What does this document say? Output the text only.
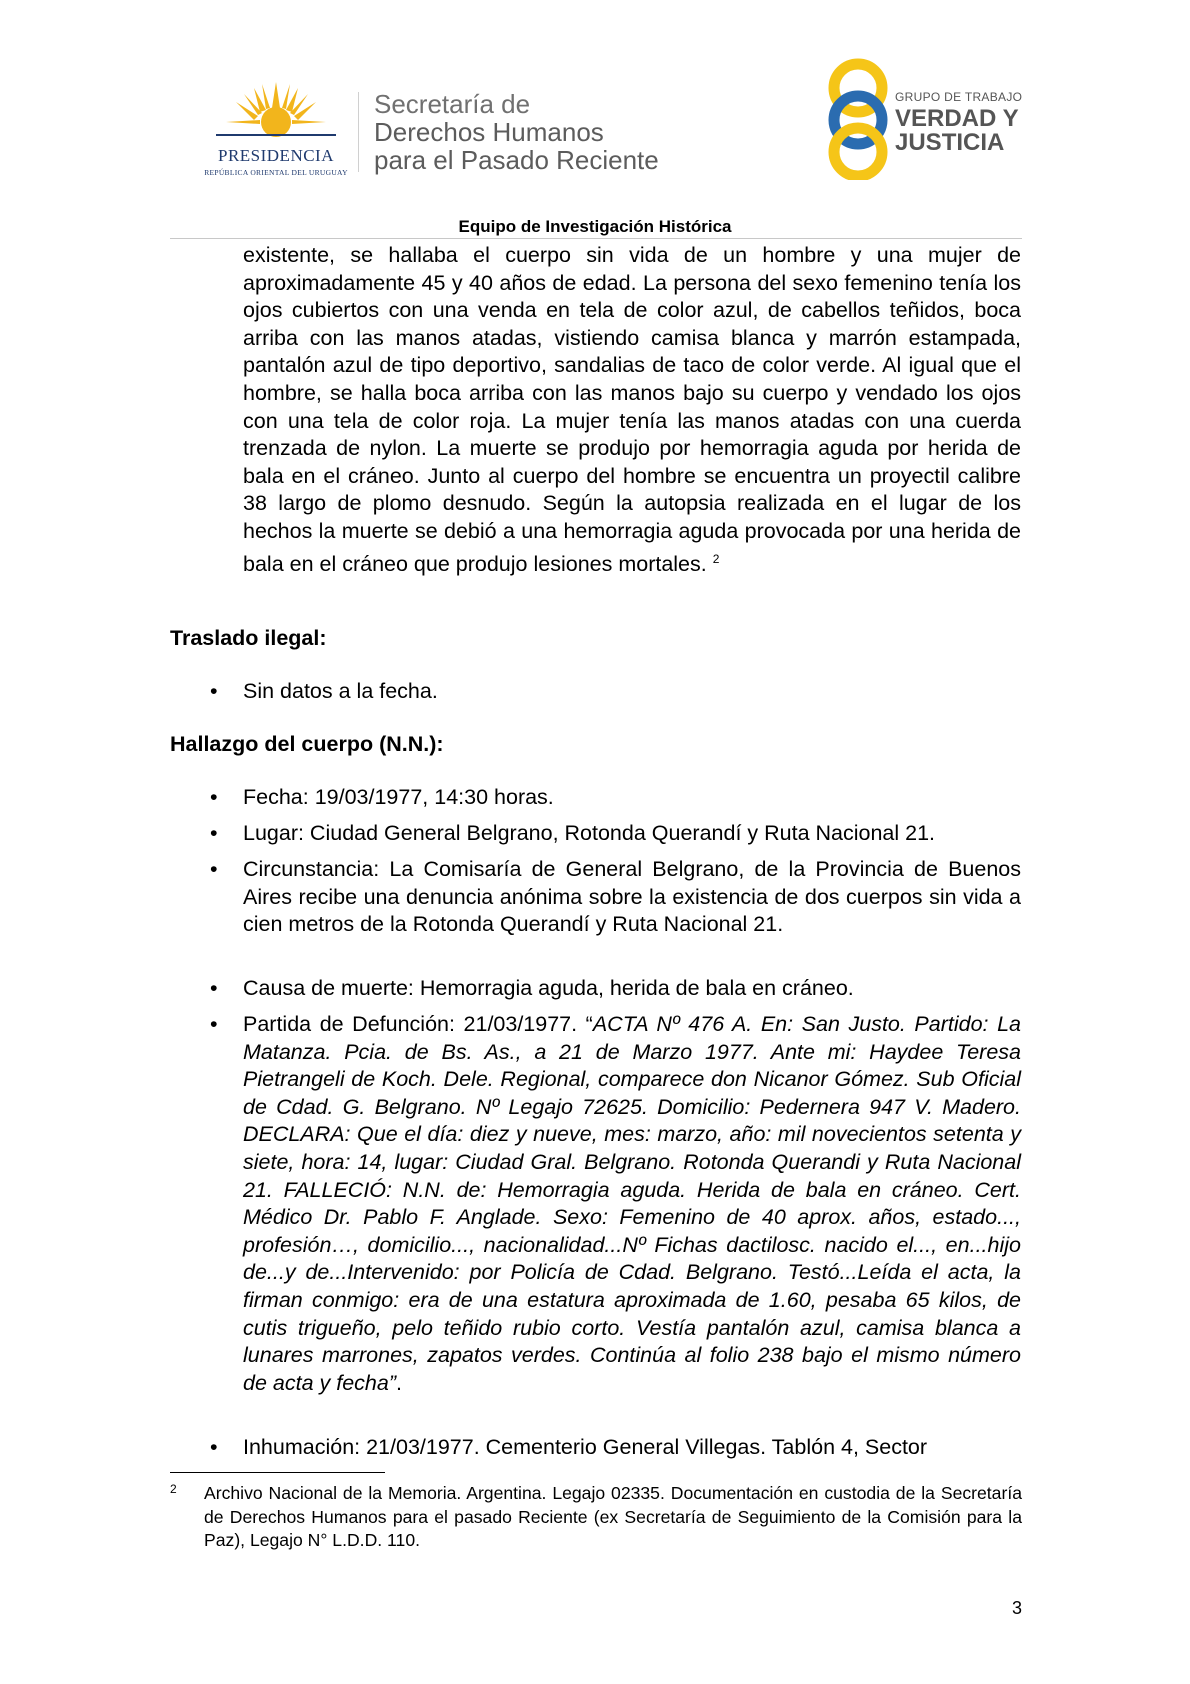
PRESIDENCIA
REPÚBLICA ORIENTAL DEL URUGUAY
Secretaría de
Derechos Humanos
para el Pasado Reciente
GRUPO DE TRABAJO
VERDAD Y
JUSTICIA
Equipo de Investigación Histórica
existente, se hallaba el cuerpo sin vida de un hombre y una mujer de aproximadamente 45 y 40 años de edad. La persona del sexo femenino tenía los ojos cubiertos con una venda en tela de color azul, de cabellos teñidos, boca arriba con las manos atadas, vistiendo camisa blanca y marrón estampada, pantalón azul de tipo deportivo, sandalias de taco de color verde. Al igual que el hombre, se halla boca arriba con las manos bajo su cuerpo y vendado los ojos con una tela de color roja. La mujer tenía las manos atadas con una cuerda trenzada de nylon. La muerte se produjo por hemorragia aguda por herida de bala en el cráneo. Junto al cuerpo del hombre se encuentra un proyectil calibre 38 largo de plomo desnudo. Según la autopsia realizada en el lugar de los hechos la muerte se debió a una hemorragia aguda provocada por una herida de bala en el cráneo que produjo lesiones mortales. $^2$
Traslado ilegal:
• Sin datos a la fecha.
Hallazgo del cuerpo (N.N.):
• Fecha: 19/03/1977, 14:30 horas.
• Lugar: Ciudad General Belgrano, Rotonda Querandí y Ruta Nacional 21.
• Circunstancia: La Comisaría de General Belgrano, de la Provincia de Buenos Aires recibe una denuncia anónima sobre la existencia de dos cuerpos sin vida a cien metros de la Rotonda Querandí y Ruta Nacional 21.
• Causa de muerte: Hemorragia aguda, herida de bala en cráneo.
• Partida de Defunción: 21/03/1977. “ACTA Nº 476 A. En: San Justo. Partido: La Matanza. Pcia. de Bs. As., a 21 de Marzo 1977. Ante mi: Haydee Teresa Pietrangeli de Koch. Dele. Regional, comparece don Nicanor Gómez. Sub Oficial de Cdad. G. Belgrano. Nº Legajo 72625. Domicilio: Pedernera 947 V. Madero. DECLARA: Que el día: diez y nueve, mes: marzo, año: mil novecientos setenta y siete, hora: 14, lugar: Ciudad Gral. Belgrano. Rotonda Querandi y Ruta Nacional 21. FALLECIÓ: N.N. de: Hemorragia aguda. Herida de bala en cráneo. Cert. Médico Dr. Pablo F. Anglade. Sexo: Femenino de 40 aprox. años, estado..., profesión…, domicilio..., nacionalidad...Nº Fichas dactilosc. nacido el..., en...hijo de...y de...Intervenido: por Policía de Cdad. Belgrano. Testó...Leída el acta, la firman conmigo: era de una estatura aproximada de 1.60, pesaba 65 kilos, de cutis trigueño, pelo teñido rubio corto. Vestía pantalón azul, camisa blanca a lunares marrones, zapatos verdes. Continúa al folio 238 bajo el mismo número de acta y fecha”.
• Inhumación: 21/03/1977. Cementerio General Villegas. Tablón 4, Sector
2 Archivo Nacional de la Memoria. Argentina. Legajo 02335. Documentación en custodia de la Secretaría de Derechos Humanos para el pasado Reciente (ex Secretaría de Seguimiento de la Comisión para la Paz), Legajo N° L.D.D. 110.
3
